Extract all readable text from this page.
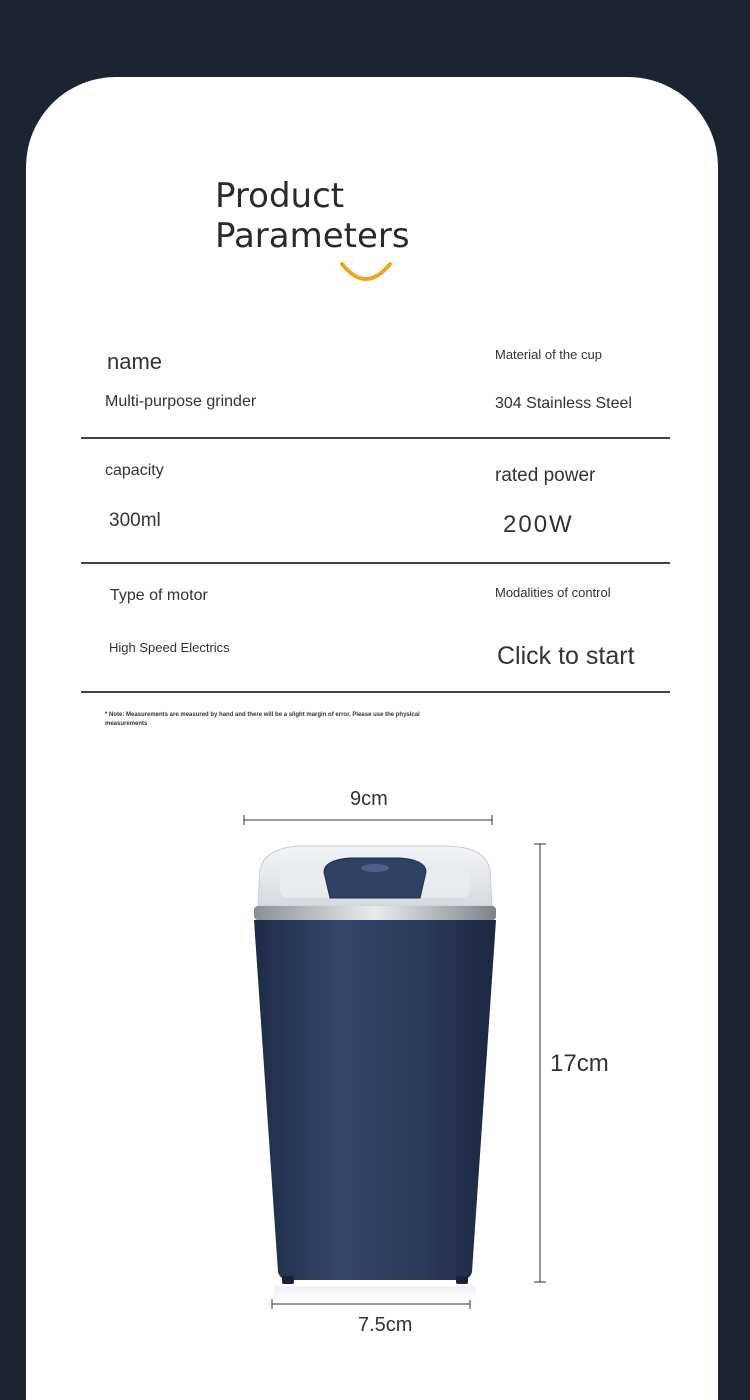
Product
Parameters
name
Multi-purpose grinder
Material of the cup
304 Stainless Steel
capacity
300ml
rated power
200W
Type of motor
High Speed Electrics
Modalities of control
Click to start
* Note: Measurements are measured by hand and there will be a slight margin of error. Please use the physical measurements
9cm
17cm
7.5cm
